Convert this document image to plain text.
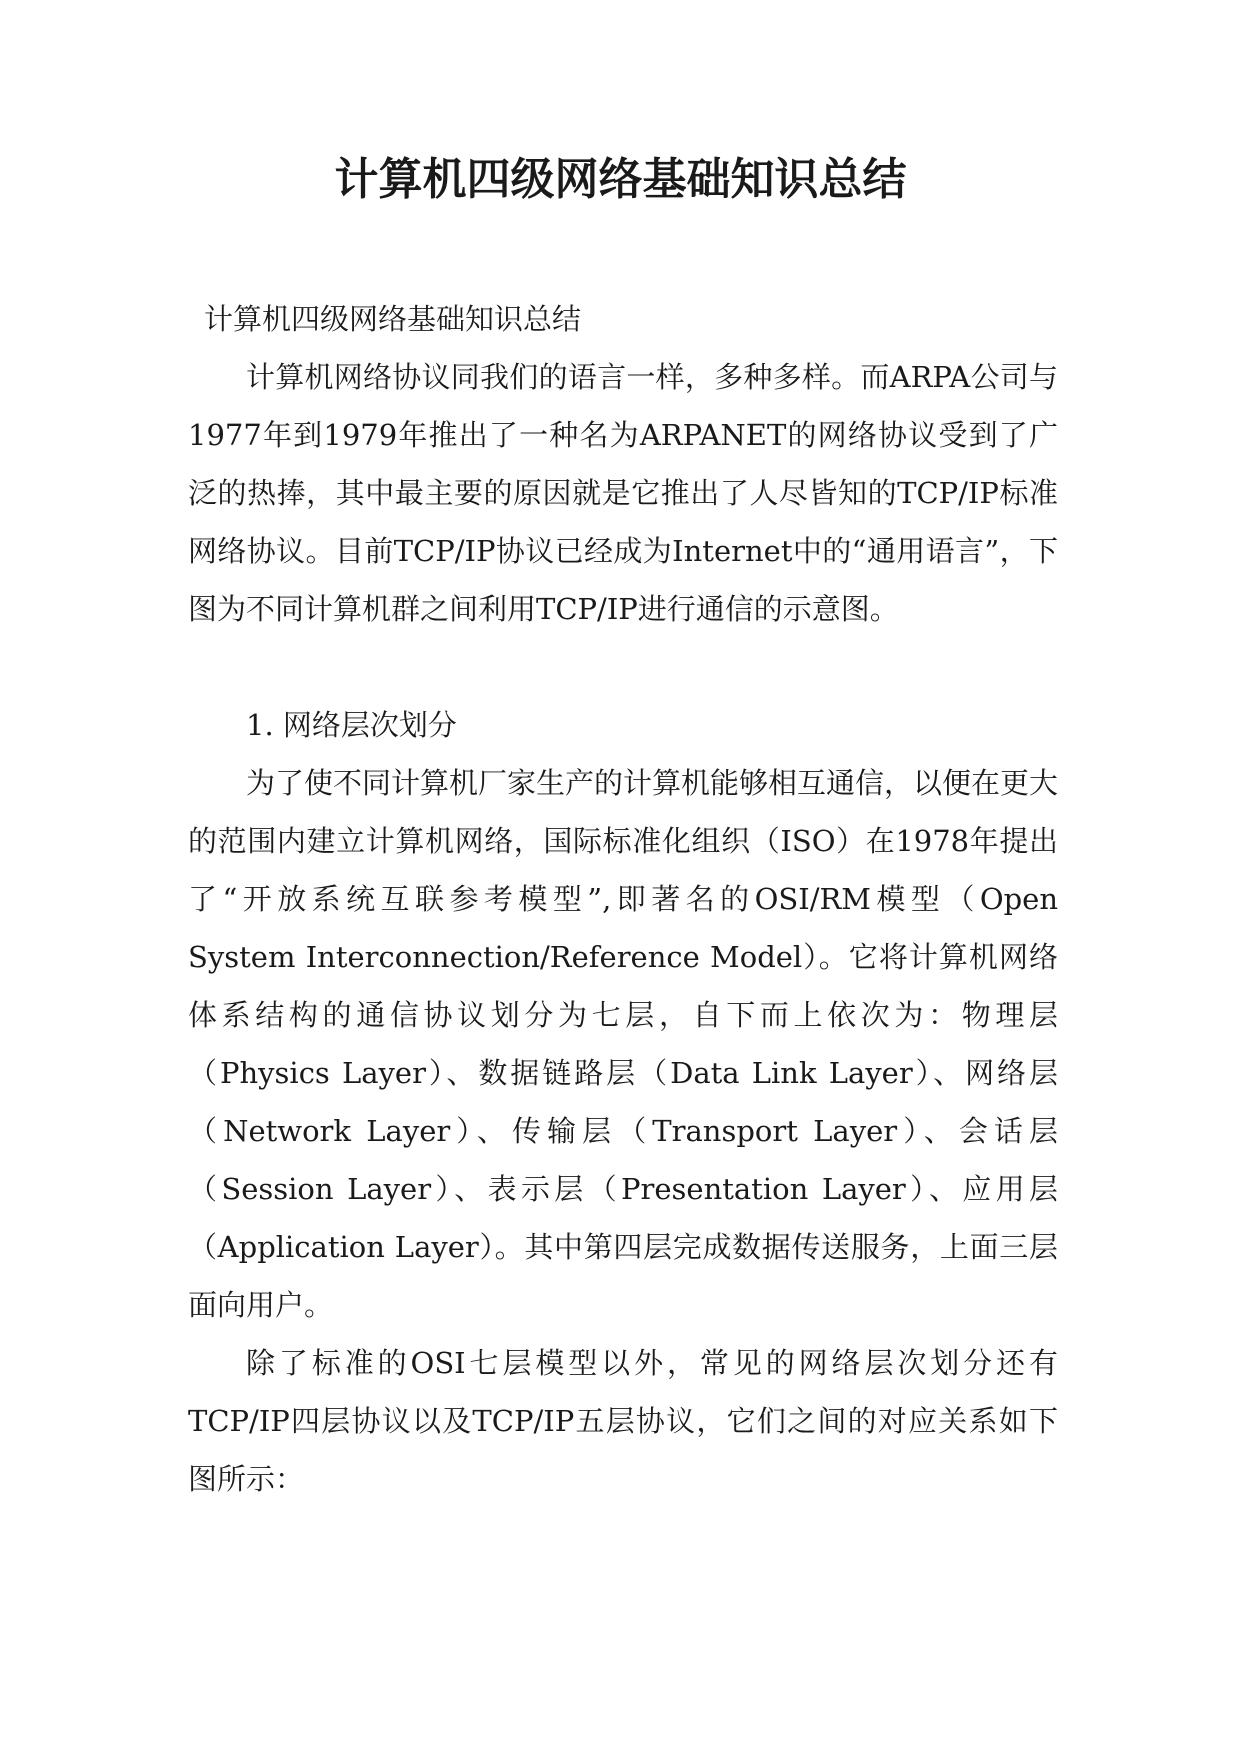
计算机四级网络基础知识总结

计算机四级网络基础知识总结

计算机网络协议同我们的语言一样，多种多样。而ARPA公司与1977年到1979年推出了一种名为ARPANET的网络协议受到了广泛的热捧，其中最主要的原因就是它推出了人尽皆知的TCP/IP标准网络协议。目前TCP/IP协议已经成为Internet中的“通用语言”，下图为不同计算机群之间利用TCP/IP进行通信的示意图。

1. 网络层次划分

为了使不同计算机厂家生产的计算机能够相互通信，以便在更大的范围内建立计算机网络，国际标准化组织（ISO）在1978年提出了“开放系统互联参考模型”,即著名的OSI/RM模型（Open System Interconnection/Reference Model）。它将计算机网络体系结构的通信协议划分为七层，自下而上依次为：物理层（Physics Layer）、数据链路层（Data Link Layer）、网络层（Network Layer）、传输层（Transport Layer）、会话层（Session Layer）、表示层（Presentation Layer）、应用层（Application Layer）。其中第四层完成数据传送服务，上面三层面向用户。

除了标准的OSI七层模型以外，常见的网络层次划分还有TCP/IP四层协议以及TCP/IP五层协议，它们之间的对应关系如下图所示：
